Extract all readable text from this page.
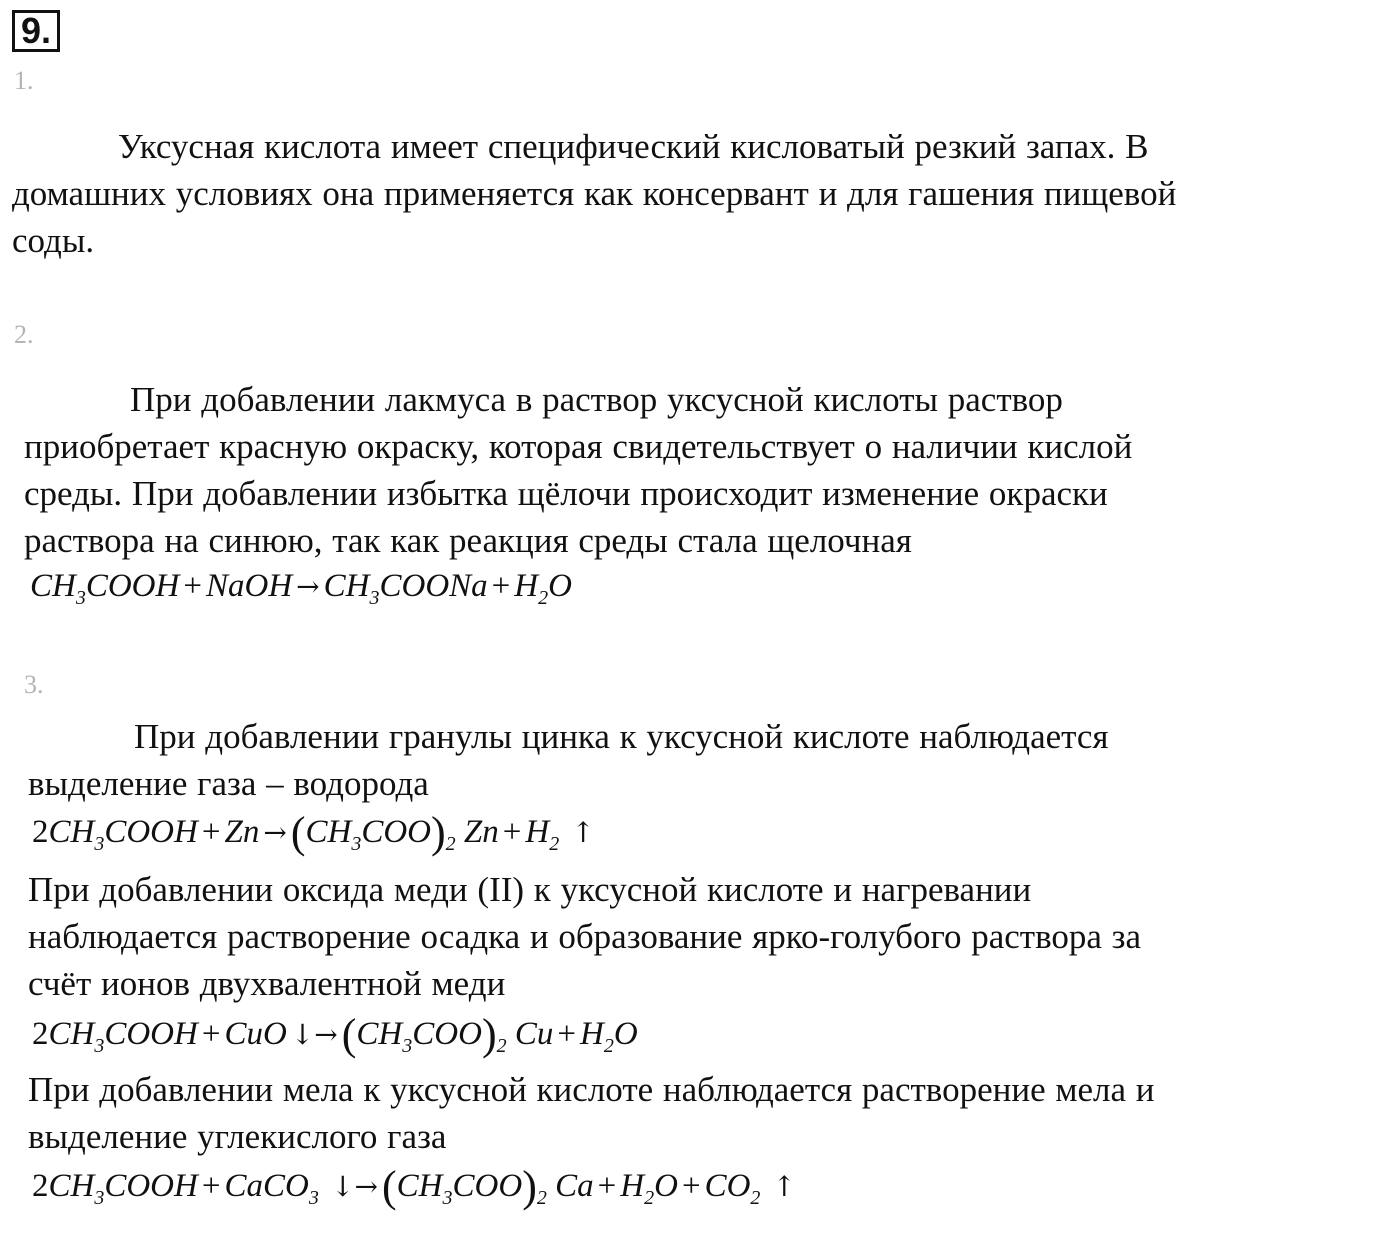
9.
1.
Уксусная кислота имеет специфический кисловатый резкий запах. В
домашних условиях она применяется как консервант и для гашения пищевой
соды.
2.
При добавлении лакмуса в раствор уксусной кислоты раствор
приобретает красную окраску, которая свидетельствует о наличии кислой
среды. При добавлении избытка щёлочи происходит изменение окраски
раствора на синюю, так как реакция среды стала щелочная
$CH_3COOH$ + NaOH → $CH_3COONa + H_2O$
3.
При добавлении гранулы цинка к уксусной кислоте наблюдается
выделение газа – водорода
$2CH_3COOH + Zn \to(CH_3COO)_2$ $Zn + H_2$ ↑
При добавлении оксида меди (II) к уксусной кислоте и нагревании
наблюдается растворение осадка и образование ярко-голубого раствора за
счёт ионов двухвалентной меди
$2CH_3COOH$ + CuO $↓\to(CH_3COO)_2$ $Cu + H_2O$
При добавлении мела к уксусной кислоте наблюдается растворение мела и
выделение углекислого газа
$2CH_3COOH$ + CaCO$_3$ $↓\to(CH_3COO)_2$ $Ca + H_2O + CO_2$ ↑
